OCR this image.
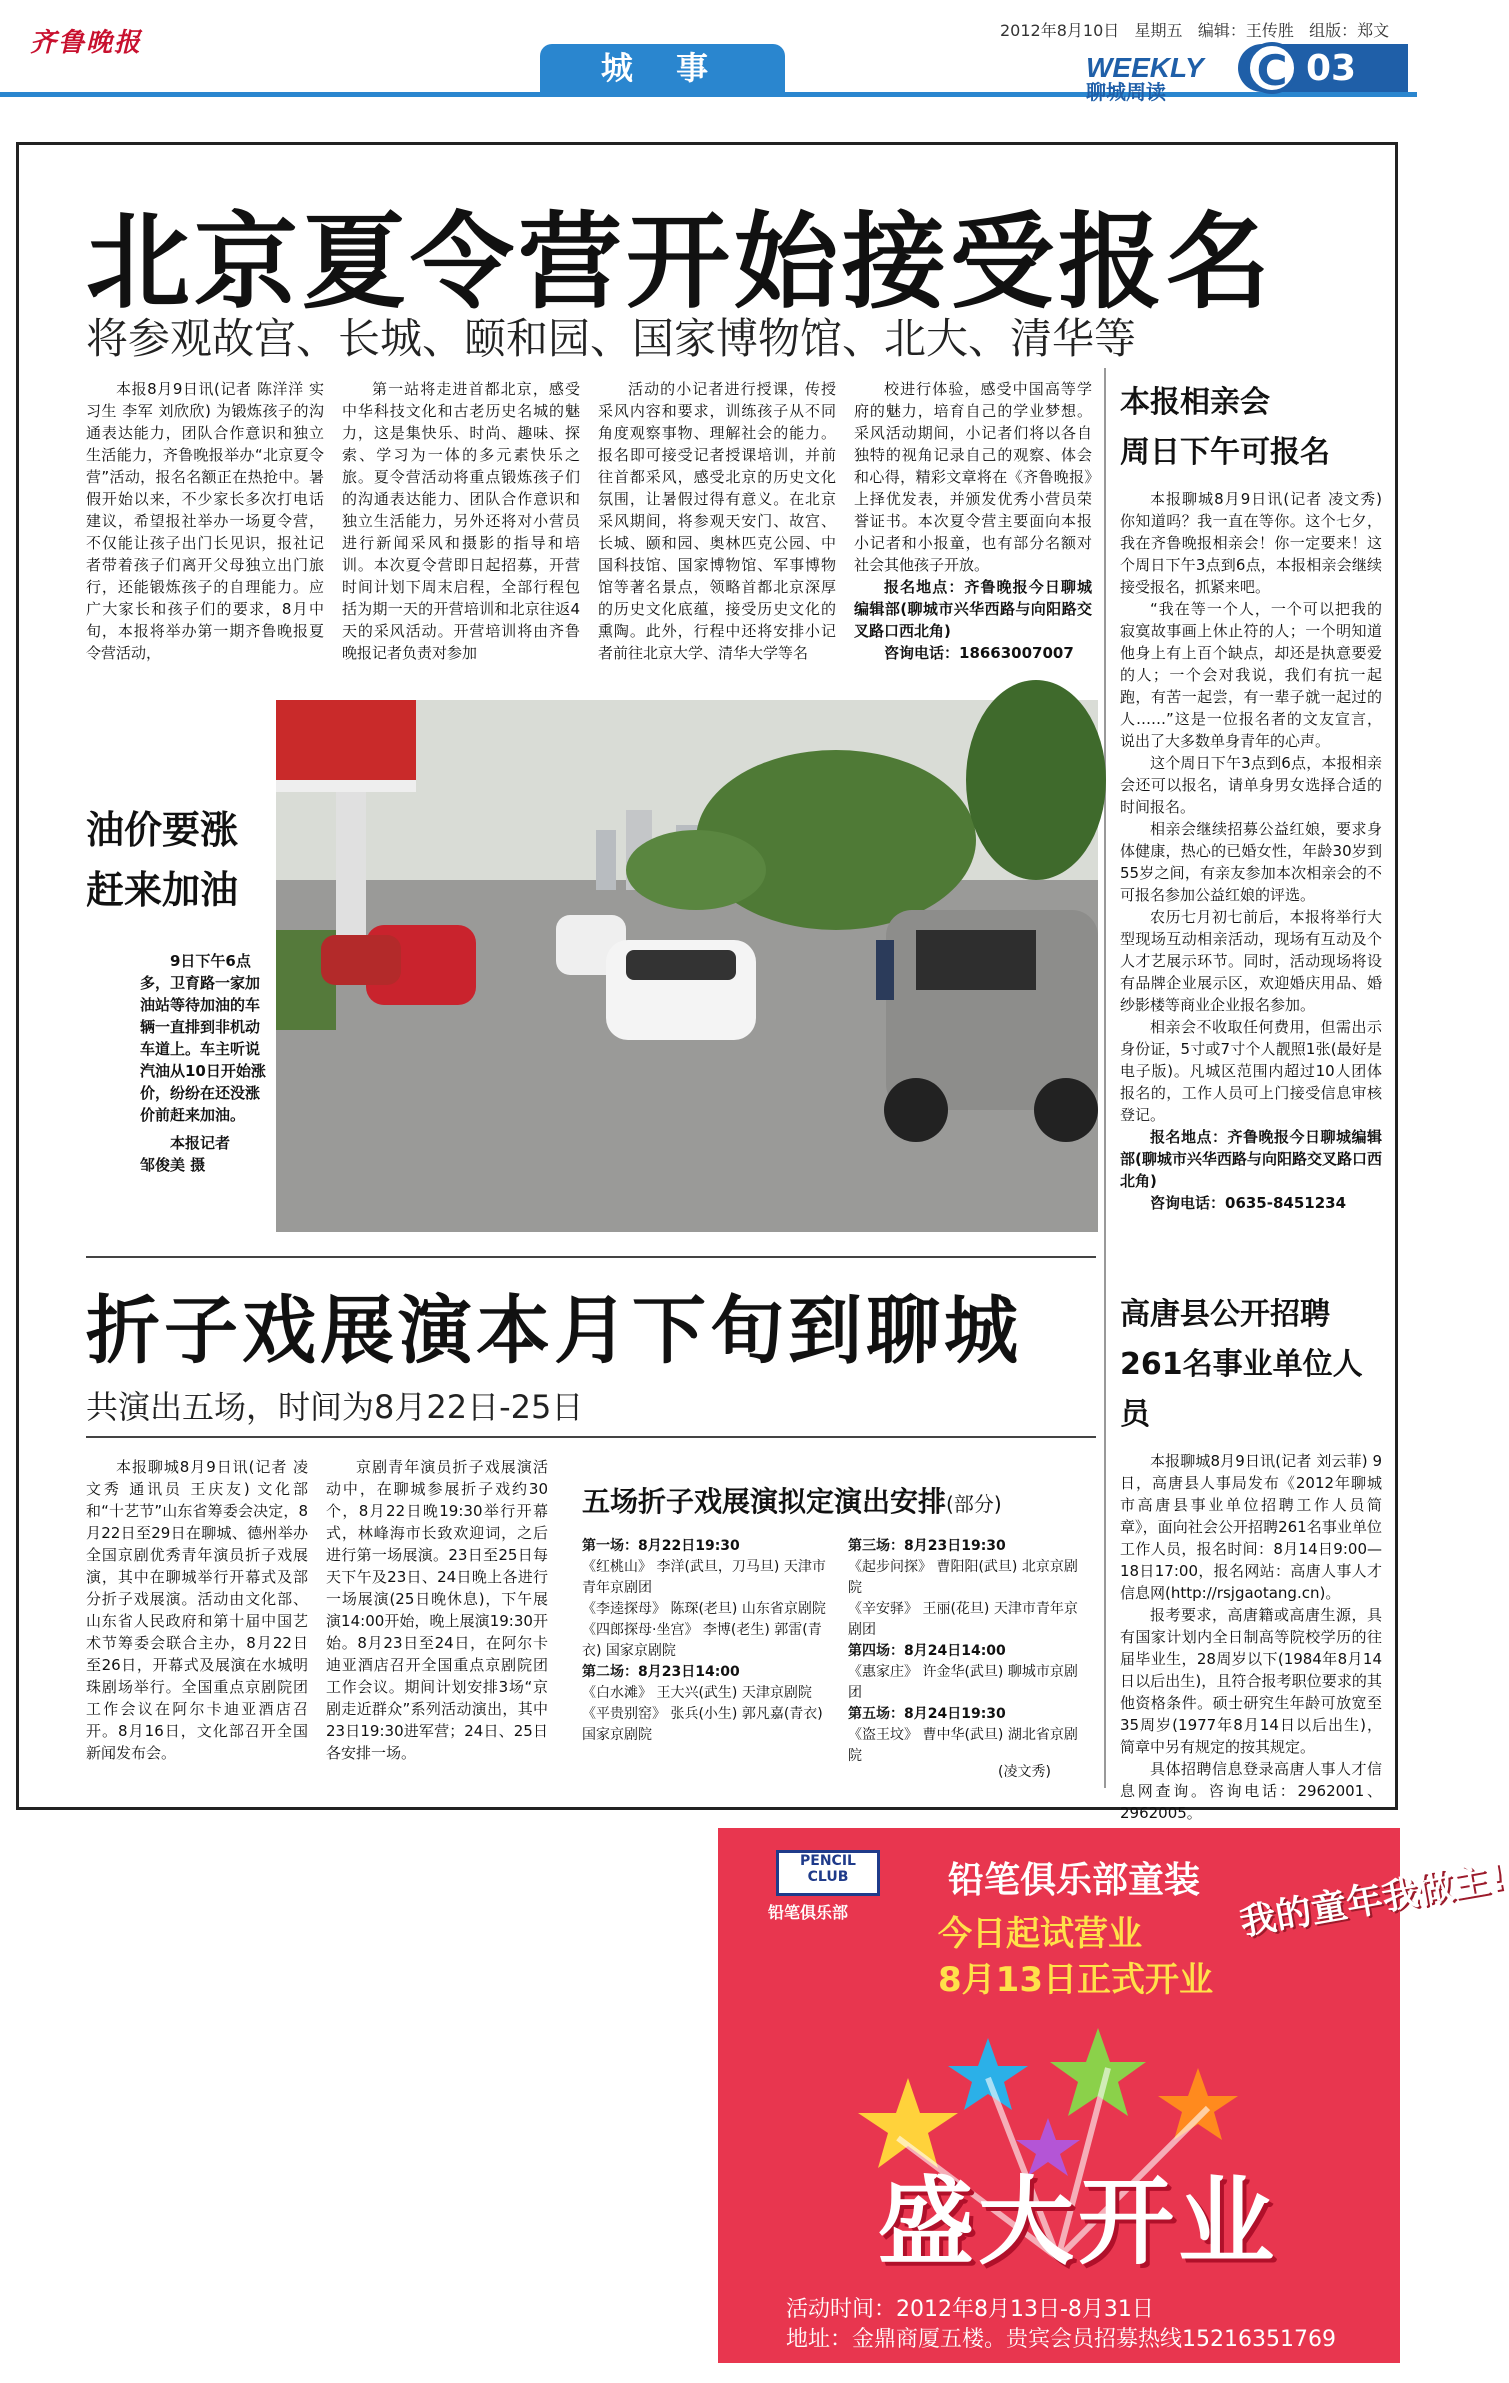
齐鲁晚报	2012年8月10日 星期五 编辑：王传胜 组版：郑文
城 事	WEEKLY
聊城周读	C 03
北京夏令营开始接受报名
将参观故宫、长城、颐和园、国家博物馆、北大、清华等

本报8月9日讯(记者 陈洋洋 实习生 李军 刘欣欣) 为锻炼孩子的沟通表达能力，团队合作意识和独立生活能力，齐鲁晚报举办“北京夏令营”活动，报名名额正在热抢中。暑假开始以来，不少家长多次打电话建议，希望报社举办一场夏令营，不仅能让孩子出门长见识，报社记者带着孩子们离开父母独立出门旅行，还能锻炼孩子的自理能力。应广大家长和孩子们的要求，8月中旬，本报将举办第一期齐鲁晚报夏令营活动，

第一站将走进首都北京，感受中华科技文化和古老历史名城的魅力，这是集快乐、时尚、趣味、探索、学习为一体的多元素快乐之旅。夏令营活动将重点锻炼孩子们的沟通表达能力、团队合作意识和独立生活能力，另外还将对小营员进行新闻采风和摄影的指导和培训。本次夏令营即日起招募，开营时间计划下周末启程，全部行程包括为期一天的开营培训和北京往返4天的采风活动。开营培训将由齐鲁晚报记者负责对参加

活动的小记者进行授课，传授采风内容和要求，训练孩子从不同角度观察事物、理解社会的能力。报名即可接受记者授课培训，并前往首都采风，感受北京的历史文化氛围，让暑假过得有意义。在北京采风期间，将参观天安门、故宫、长城、颐和园、奥林匹克公园、中国科技馆、国家博物馆、军事博物馆等著名景点，领略首都北京深厚的历史文化底蕴，接受历史文化的熏陶。此外，行程中还将安排小记者前往北京大学、清华大学等名

校进行体验，感受中国高等学府的魅力，培育自己的学业梦想。采风活动期间，小记者们将以各自独特的视角记录自己的观察、体会和心得，精彩文章将在《齐鲁晚报》上择优发表，并颁发优秀小营员荣誉证书。本次夏令营主要面向本报小记者和小报童，也有部分名额对社会其他孩子开放。

报名地点：齐鲁晚报今日聊城编辑部(聊城市兴华西路与向阳路交叉路口西北角)

咨询电话：18663007007

本报相亲会
周日下午可报名

本报聊城8月9日讯(记者 凌文秀) 你知道吗？我一直在等你。这个七夕，我在齐鲁晚报相亲会！你一定要来！这个周日下午3点到6点，本报相亲会继续接受报名，抓紧来吧。

“我在等一个人，一个可以把我的寂寞故事画上休止符的人；一个明知道他身上有上百个缺点，却还是执意要爱的人；一个会对我说，我们有抗一起跑，有苦一起尝，有一辈子就一起过的人……”这是一位报名者的文友宣言，说出了大多数单身青年的心声。

这个周日下午3点到6点，本报相亲会还可以报名，请单身男女选择合适的时间报名。

相亲会继续招募公益红娘，要求身体健康，热心的已婚女性，年龄30岁到55岁之间，有亲友参加本次相亲会的不可报名参加公益红娘的评选。

农历七月初七前后，本报将举行大型现场互动相亲活动，现场有互动及个人才艺展示环节。同时，活动现场将设有品牌企业展示区，欢迎婚庆用品、婚纱影楼等商业企业报名参加。

相亲会不收取任何费用，但需出示身份证，5寸或7寸个人靓照1张(最好是电子版)。凡城区范围内超过10人团体报名的，工作人员可上门接受信息审核登记。

报名地点：齐鲁晚报今日聊城编辑部(聊城市兴华西路与向阳路交叉路口西北角)

咨询电话：0635-8451234

高唐县公开招聘
261名事业单位人员

本报聊城8月9日讯(记者 刘云菲) 9日，高唐县人事局发布《2012年聊城市高唐县事业单位招聘工作人员简章》，面向社会公开招聘261名事业单位工作人员，报名时间：8月14日9:00—18日17:00，报名网站：高唐人事人才信息网(http://rsjgaotang.cn)。

报考要求，高唐籍或高唐生源，具有国家计划内全日制高等院校学历的往届毕业生，28周岁以下(1984年8月14日以后出生)，且符合报考职位要求的其他资格条件。硕士研究生年龄可放宽至35周岁(1977年8月14日以后出生)，简章中另有规定的按其规定。

具体招聘信息登录高唐人事人才信息网查询。咨询电话：2962001、2962005。

油价要涨
赶来加油
9日下午6点多，卫育路一家加油站等待加油的车辆一直排到非机动车道上。车主听说汽油从10日开始涨价，纷纷在还没涨价前赶来加油。
本报记者
邹俊美 摄
折子戏展演本月下旬到聊城
共演出五场，时间为8月22日-25日

本报聊城8月9日讯(记者 凌文秀 通讯员 王庆友) 文化部和“十艺节”山东省筹委会决定，8月22日至29日在聊城、德州举办全国京剧优秀青年演员折子戏展演，其中在聊城举行开幕式及部分折子戏展演。活动由文化部、山东省人民政府和第十届中国艺术节筹委会联合主办，8月22日至26日，开幕式及展演在水城明珠剧场举行。全国重点京剧院团工作会议在阿尔卡迪亚酒店召开。8月16日，文化部召开全国新闻发布会。

京剧青年演员折子戏展演活动中，在聊城参展折子戏约30个，8月22日晚19:30举行开幕式，林峰海市长致欢迎词，之后进行第一场展演。23日至25日每天下午及23日、24日晚上各进行一场展演(25日晚休息)，下午展演14:00开始，晚上展演19:30开始。8月23日至24日，在阿尔卡迪亚酒店召开全国重点京剧院团工作会议。期间计划安排3场“京剧走近群众”系列活动演出，其中23日19:30进军营；24日、25日各安排一场。

五场折子戏展演拟定演出安排(部分)
第一场：8月22日19:30
《红桃山》 李洋(武旦，刀马旦) 天津市青年京剧团
《李逵探母》 陈琛(老旦) 山东省京剧院
《四郎探母·坐宫》 李博(老生) 郭雷(青衣) 国家京剧院
第二场：8月23日14:00
《白水滩》 王大兴(武生) 天津京剧院
《平贵别窑》 张兵(小生) 郭凡嘉(青衣) 国家京剧院
第三场：8月23日19:30
《起步问探》 曹阳阳(武旦) 北京京剧院
《辛安驿》 王丽(花旦) 天津市青年京剧团
第四场：8月24日14:00
《惠家庄》 许金华(武旦) 聊城市京剧团
第五场：8月24日19:30
《盗王坟》 曹中华(武旦) 湖北省京剧院
(凌文秀)
PENCIL CLUB
铅笔俱乐部
铅笔俱乐部童装
今日起试营业
8月13日正式开业
我的童年我做主!
盛大开业
活动时间：2012年8月13日-8月31日
地址：金鼎商厦五楼。贵宾会员招募热线15216351769
